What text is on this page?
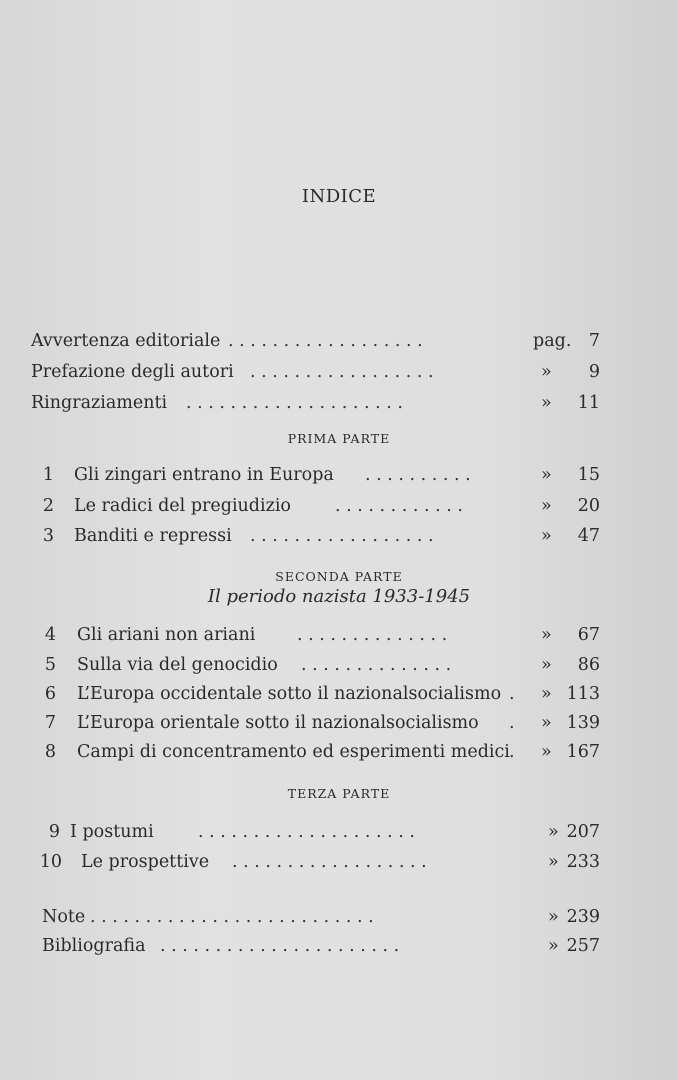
INDICE
Avvertenza editoriale . . . . . . . . . . . . . . . . . .	pag. 7
Prefazione degli autori . . . . . . . . . . . . . . . . .	» 9
Ringraziamenti . . . . . . . . . . . . . . . . . . . .	» 11
PRIMA PARTE
1 Gli zingari entrano in Europa . . . . . . . . . .	» 15
2 Le radici del pregiudizio	. . . . . . . . . . . .	» 20
3 Banditi e repressi . . . . . . . . . . . . . . . . .	» 47
SECONDA PARTE
Il periodo nazista 1933-1945
4 Gli ariani non ariani . . . . . . . . . . . . . .	» 67
5 Sulla via del genocidio . . . . . . . . . . . . . .	» 86
6 L’Europa occidentale sotto il nazionalsocialismo .	» 113
7 L’Europa orientale sotto il nazionalsocialismo .	» 139
8 Campi di concentramento ed esperimenti medici .	» 167
TERZA PARTE
9 I postumi	. . . . . . . . . . . . . . . . . . . .	» 207
10 Le prospettive . . . . . . . . . . . . . . . . . .	» 233
Note . . . . . . . . . . . . . . . . . . . . . . . . . .	» 239
Bibliografia . . . . . . . . . . . . . . . . . . . . . .	» 257
